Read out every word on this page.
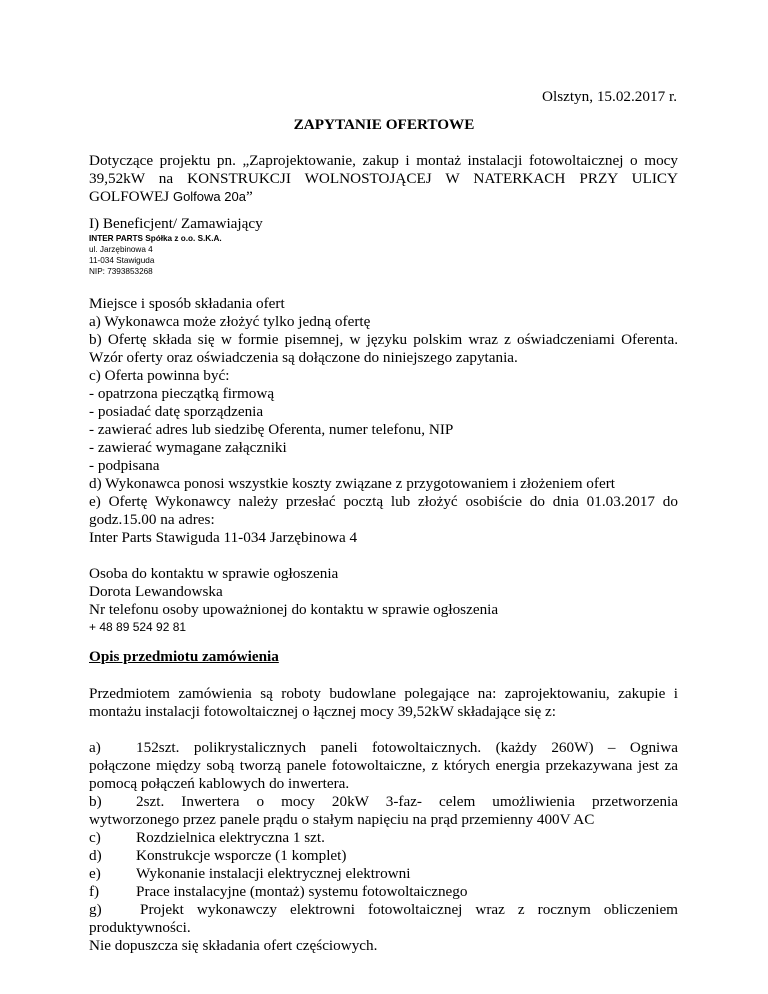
Olsztyn, 15.02.2017 r.
ZAPYTANIE OFERTOWE
Dotyczące projektu pn. „Zaprojektowanie, zakup i montaż instalacji fotowoltaicznej o mocy
39,52kW na KONSTRUKCJI WOLNOSTOJĄCEJ W NATERKACH PRZY ULICY
GOLFOWEJ Golfowa 20a”
I) Beneficjent/ Zamawiający
INTER PARTS Spółka z o.o. S.K.A.
ul. Jarzębinowa 4
11-034 Stawiguda
NIP: 7393853268
Miejsce i sposób składania ofert
a) Wykonawca może złożyć tylko jedną ofertę
b) Ofertę składa się w formie pisemnej, w języku polskim wraz z oświadczeniami Oferenta.
Wzór oferty oraz oświadczenia są dołączone do niniejszego zapytania.
c) Oferta powinna być:
- opatrzona pieczątką firmową
- posiadać datę sporządzenia
- zawierać adres lub siedzibę Oferenta, numer telefonu, NIP
- zawierać wymagane załączniki
- podpisana
d) Wykonawca ponosi wszystkie koszty związane z przygotowaniem i złożeniem ofert
e) Ofertę Wykonawcy należy przesłać pocztą lub złożyć osobiście do dnia 01.03.2017 do
godz.15.00 na adres:
Inter Parts Stawiguda 11-034 Jarzębinowa 4
Osoba do kontaktu w sprawie ogłoszenia
Dorota Lewandowska
Nr telefonu osoby upoważnionej do kontaktu w sprawie ogłoszenia
+ 48 89 524 92 81
Opis przedmiotu zamówienia
Przedmiotem zamówienia są roboty budowlane polegające na: zaprojektowaniu, zakupie i
montażu instalacji fotowoltaicznej o łącznej mocy 39,52kW składające się z:
a) 152szt. polikrystalicznych paneli fotowoltaicznych. (każdy 260W) – Ogniwa
połączone między sobą tworzą panele fotowoltaiczne, z których energia przekazywana jest za
pomocą połączeń kablowych do inwertera.
b) 2szt. Inwertera o mocy 20kW 3-faz- celem umożliwienia przetworzenia
wytworzonego przez panele prądu o stałym napięciu na prąd przemienny 400V AC
c) Rozdzielnica elektryczna 1 szt.
d) Konstrukcje wsporcze (1 komplet)
e) Wykonanie instalacji elektrycznej elektrowni
f) Prace instalacyjne (montaż) systemu fotowoltaicznego
g)	Projekt wykonawczy elektrowni fotowoltaicznej wraz z rocznym obliczeniem
produktywności.
Nie dopuszcza się składania ofert częściowych.
